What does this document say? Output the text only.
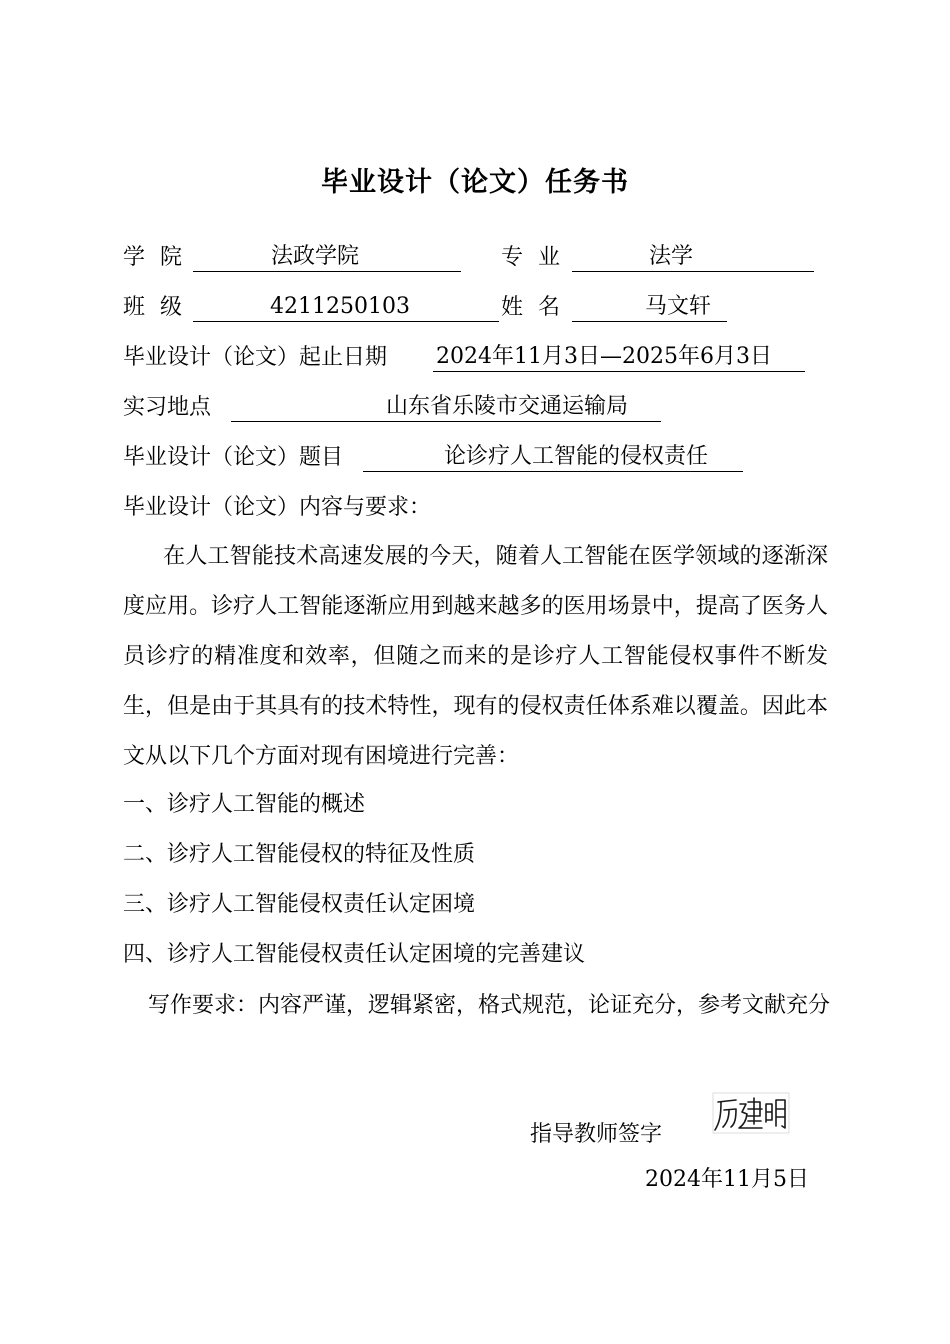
毕业设计（论文）任务书
学 院	法政学院	专 业	法学
班 级	4211250103	姓 名	马文轩
毕业设计（论文）起止日期 2024年11月3日—2025年6月3日
实习地点	山东省乐陵市交通运输局
毕业设计（论文）题目	论诊疗人工智能的侵权责任
毕业设计（论文）内容与要求：
在人工智能技术高速发展的今天，随着人工智能在医学领域的逐渐深度应用。诊疗人工智能逐渐应用到越来越多的医用场景中，提高了医务人员诊疗的精准度和效率，但随之而来的是诊疗人工智能侵权事件不断发生，但是由于其具有的技术特性，现有的侵权责任体系难以覆盖。因此本文从以下几个方面对现有困境进行完善：
一、诊疗人工智能的概述
二、诊疗人工智能侵权的特征及性质
三、诊疗人工智能侵权责任认定困境
四、诊疗人工智能侵权责任认定困境的完善建议
写作要求：内容严谨，逻辑紧密，格式规范，论证充分，参考文献充分
指导教师签字
2024年11月5日
